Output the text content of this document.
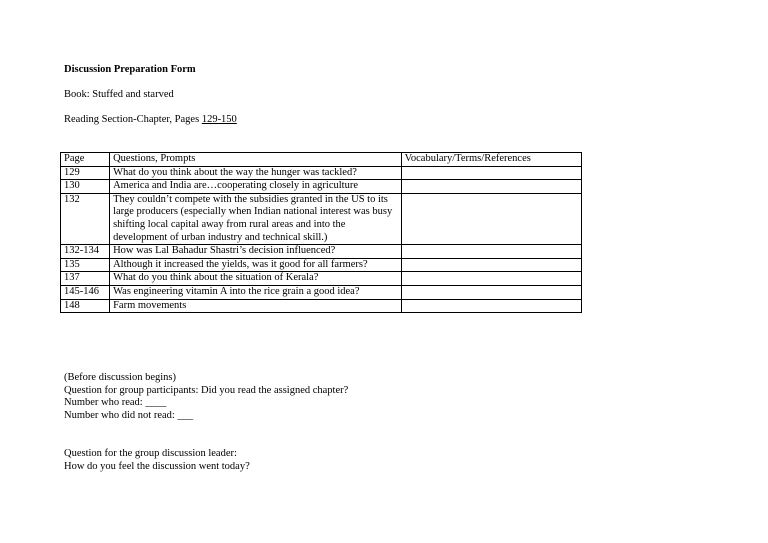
Discussion Preparation Form
Book: Stuffed and starved
Reading Section-Chapter, Pages 129-150
Page	Questions, Prompts	Vocabulary/Terms/References
129	What do you think about the way the hunger was tackled?	
130	America and India are…cooperating closely in agriculture	
132	They couldn’t compete with the subsidies granted in the US to its large producers (especially when Indian national interest was busy shifting local capital away from rural areas and into the development of urban industry and technical skill.)	
132-134	How was Lal Bahadur Shastri’s decision influenced?	
135	Although it increased the yields, was it good for all farmers?	
137	What do you think about the situation of Kerala?	
145-146	Was engineering vitamin A into the rice grain a good idea?	
148	Farm movements	
(Before discussion begins)
Question for group participants: Did you read the assigned chapter?
Number who read: ____
Number who did not read: ___
Question for the group discussion leader:
How do you feel the discussion went today?
